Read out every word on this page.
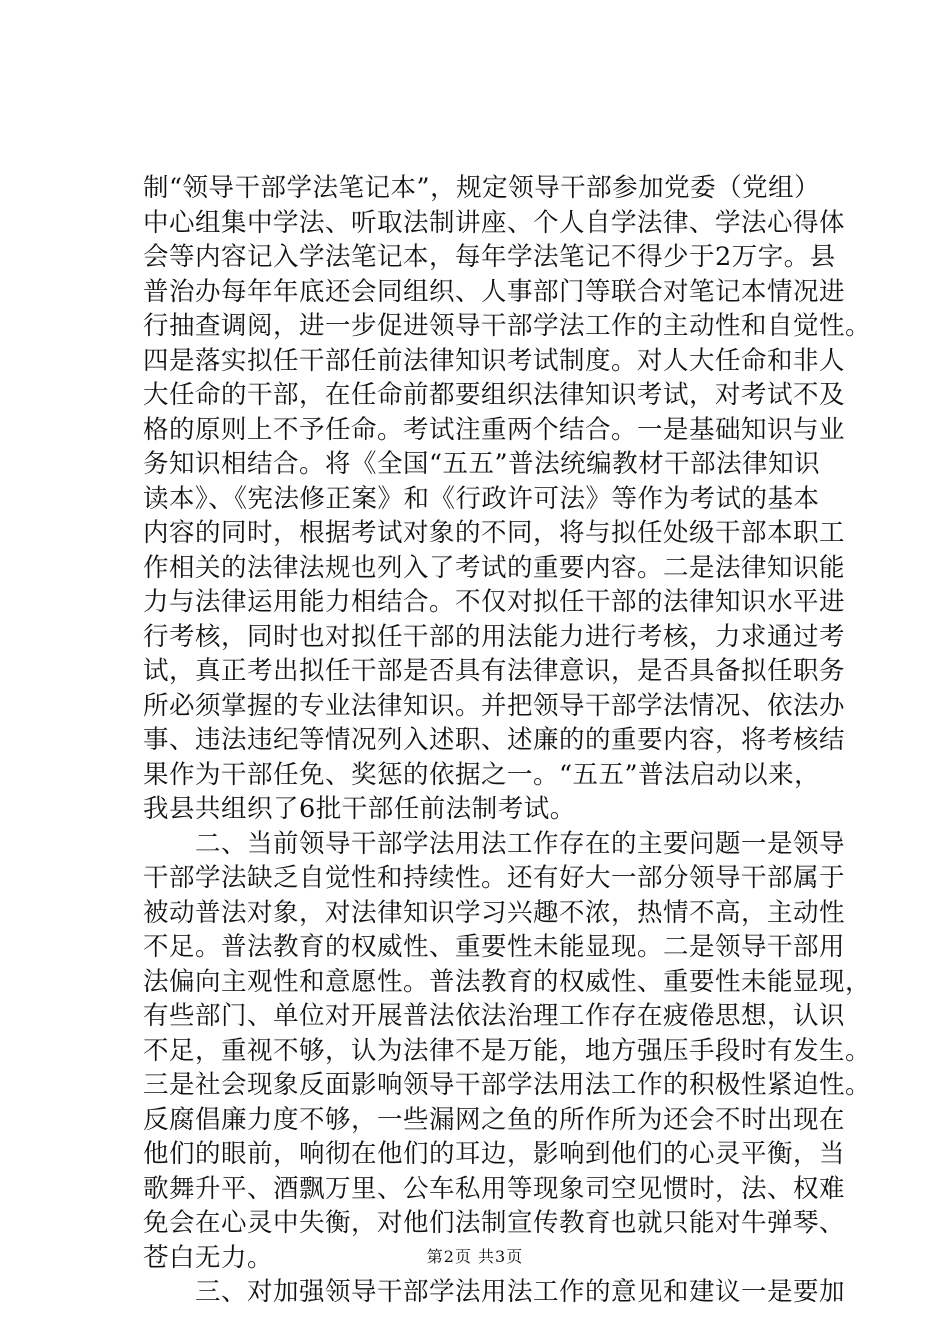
制“领导干部学法笔记本”，规定领导干部参加党委（党组）
中心组集中学法、听取法制讲座、个人自学法律、学法心得体
会等内容记入学法笔记本，每年学法笔记不得少于2万字。县
普治办每年年底还会同组织、人事部门等联合对笔记本情况进
行抽查调阅，进一步促进领导干部学法工作的主动性和自觉性。
四是落实拟任干部任前法律知识考试制度。对人大任命和非人
大任命的干部，在任命前都要组织法律知识考试，对考试不及
格的原则上不予任命。考试注重两个结合。一是基础知识与业
务知识相结合。将《全国“五五”普法统编教材干部法律知识
读本》、《宪法修正案》和《行政许可法》等作为考试的基本
内容的同时，根据考试对象的不同，将与拟任处级干部本职工
作相关的法律法规也列入了考试的重要内容。二是法律知识能
力与法律运用能力相结合。不仅对拟任干部的法律知识水平进
行考核，同时也对拟任干部的用法能力进行考核，力求通过考
试，真正考出拟任干部是否具有法律意识，是否具备拟任职务
所必须掌握的专业法律知识。并把领导干部学法情况、依法办
事、违法违纪等情况列入述职、述廉的的重要内容，将考核结
果作为干部任免、奖惩的依据之一。“五五”普法启动以来，
我县共组织了6批干部任前法制考试。
　　二、当前领导干部学法用法工作存在的主要问题一是领导
干部学法缺乏自觉性和持续性。还有好大一部分领导干部属于
被动普法对象，对法律知识学习兴趣不浓，热情不高，主动性
不足。普法教育的权威性、重要性未能显现。二是领导干部用
法偏向主观性和意愿性。普法教育的权威性、重要性未能显现，
有些部门、单位对开展普法依法治理工作存在疲倦思想，认识
不足，重视不够，认为法律不是万能，地方强压手段时有发生。
三是社会现象反面影响领导干部学法用法工作的积极性紧迫性。
反腐倡廉力度不够，一些漏网之鱼的所作所为还会不时出现在
他们的眼前，响彻在他们的耳边，影响到他们的心灵平衡，当
歌舞升平、酒飘万里、公车私用等现象司空见惯时，法、权难
免会在心灵中失衡，对他们法制宣传教育也就只能对牛弹琴、
苍白无力。
　　三、对加强领导干部学法用法工作的意见和建议一是要加
第2页 共3页
